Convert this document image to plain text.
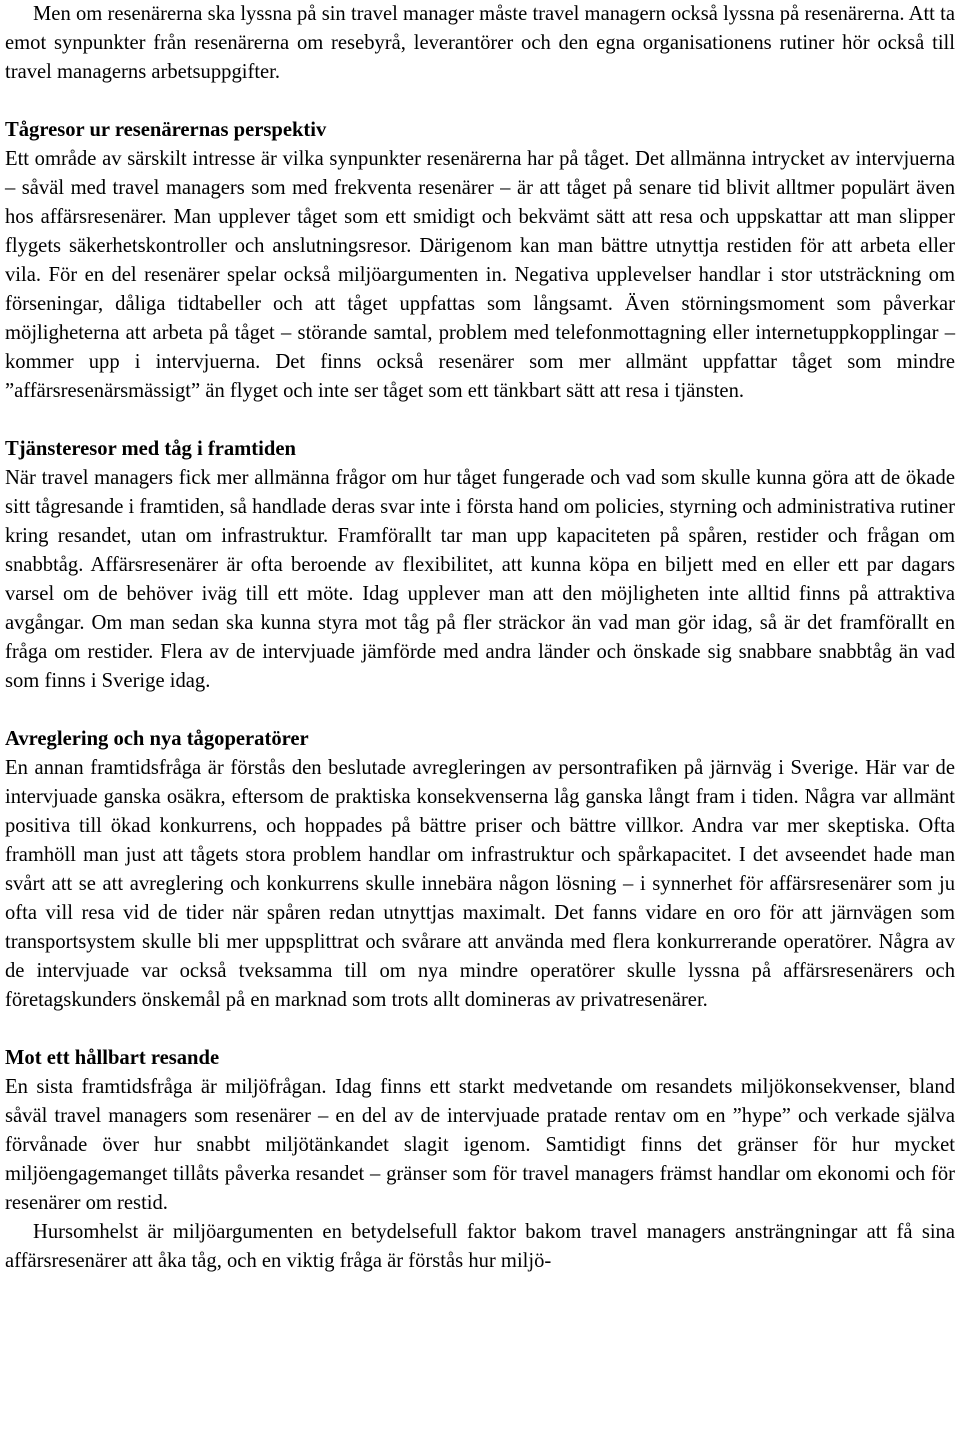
Men om resenärerna ska lyssna på sin travel manager måste travel managern också lyssna på resenärerna. Att ta emot synpunkter från resenärerna om resebyrå, leverantörer och den egna organisationens rutiner hör också till travel managerns arbetsuppgifter.

Tågresor ur resenärernas perspektiv

Ett område av särskilt intresse är vilka synpunkter resenärerna har på tåget. Det allmänna intrycket av intervjuerna – såväl med travel managers som med frekventa resenärer – är att tåget på senare tid blivit alltmer populärt även hos affärsresenärer. Man upplever tåget som ett smidigt och bekvämt sätt att resa och uppskattar att man slipper flygets säkerhetskontroller och anslutningsresor. Därigenom kan man bättre utnyttja restiden för att arbeta eller vila. För en del resenärer spelar också miljöargumenten in. Negativa upplevelser handlar i stor utsträckning om förseningar, dåliga tidtabeller och att tåget uppfattas som långsamt. Även störningsmoment som påverkar möjligheterna att arbeta på tåget – störande samtal, problem med telefonmottagning eller internetuppkopplingar – kommer upp i intervjuerna. Det finns också resenärer som mer allmänt uppfattar tåget som mindre ”affärsresenärsmässigt” än flyget och inte ser tåget som ett tänkbart sätt att resa i tjänsten.

Tjänsteresor med tåg i framtiden

När travel managers fick mer allmänna frågor om hur tåget fungerade och vad som skulle kunna göra att de ökade sitt tågresande i framtiden, så handlade deras svar inte i första hand om policies, styrning och administrativa rutiner kring resandet, utan om infrastruktur. Framförallt tar man upp kapaciteten på spåren, restider och frågan om snabbtåg. Affärsresenärer är ofta beroende av flexibilitet, att kunna köpa en biljett med en eller ett par dagars varsel om de behöver iväg till ett möte. Idag upplever man att den möjligheten inte alltid finns på attraktiva avgångar. Om man sedan ska kunna styra mot tåg på fler sträckor än vad man gör idag, så är det framförallt en fråga om restider. Flera av de intervjuade jämförde med andra länder och önskade sig snabbare snabbtåg än vad som finns i Sverige idag.

Avreglering och nya tågoperatörer

En annan framtidsfråga är förstås den beslutade avregleringen av persontrafiken på järnväg i Sverige. Här var de intervjuade ganska osäkra, eftersom de praktiska konsekvenserna låg ganska långt fram i tiden. Några var allmänt positiva till ökad konkurrens, och hoppades på bättre priser och bättre villkor. Andra var mer skeptiska. Ofta framhöll man just att tågets stora problem handlar om infrastruktur och spårkapacitet. I det avseendet hade man svårt att se att avreglering och konkurrens skulle innebära någon lösning – i synnerhet för affärsresenärer som ju ofta vill resa vid de tider när spåren redan utnyttjas maximalt. Det fanns vidare en oro för att järnvägen som transportsystem skulle bli mer uppsplittrat och svårare att använda med flera konkurrerande operatörer. Några av de intervjuade var också tveksamma till om nya mindre operatörer skulle lyssna på affärsresenärers och företagskunders önskemål på en marknad som trots allt domineras av privatresenärer.

Mot ett hållbart resande

En sista framtidsfråga är miljöfrågan. Idag finns ett starkt medvetande om resandets miljökonsekvenser, bland såväl travel managers som resenärer – en del av de intervjuade pratade rentav om en ”hype” och verkade själva förvånade över hur snabbt miljötänkandet slagit igenom. Samtidigt finns det gränser för hur mycket miljöengagemanget tillåts påverka resandet – gränser som för travel managers främst handlar om ekonomi och för resenärer om restid.

Hursomhelst är miljöargumenten en betydelsefull faktor bakom travel managers ansträngningar att få sina affärsresenärer att åka tåg, och en viktig fråga är förstås hur miljö-
